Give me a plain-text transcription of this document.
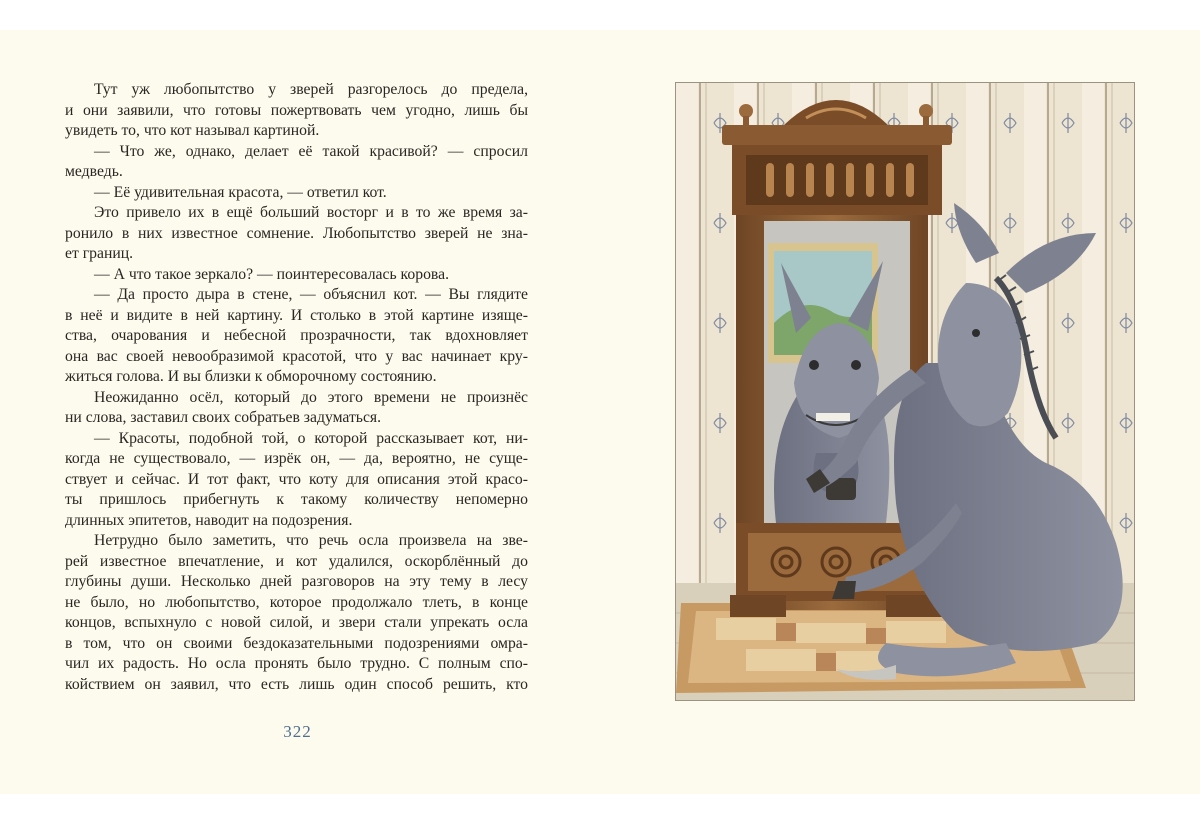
Тут уж любопытство у зверей разгорелось до предела,
и они заявили, что готовы пожертвовать чем угодно, лишь бы
увидеть то, что кот называл картиной.
— Что же, однако, делает её такой красивой? — спросил
медведь.
— Её удивительная красота, — ответил кот.
Это привело их в ещё больший восторг и в то же время за-
ронило в них известное сомнение. Любопытство зверей не зна-
ет границ.
— А что такое зеркало? — поинтересовалась корова.
— Да просто дыра в стене, — объяснил кот. — Вы глядите
в неё и видите в ней картину. И столько в этой картине изяще-
ства, очарования и небесной прозрачности, так вдохновляет
она вас своей невообразимой красотой, что у вас начинает кру-
житься голова. И вы близки к обморочному состоянию.
Неожиданно осёл, который до этого времени не произнёс
ни слова, заставил своих собратьев задуматься.
— Красоты, подобной той, о которой рассказывает кот, ни-
когда не существовало, — изрёк он, — да, вероятно, не суще-
ствует и сейчас. И тот факт, что коту для описания этой красо-
ты пришлось прибегнуть к такому количеству непомерно
длинных эпитетов, наводит на подозрения.
Нетрудно было заметить, что речь осла произвела на зве-
рей известное впечатление, и кот удалился, оскорблённый до
глубины души. Несколько дней разговоров на эту тему в лесу
не было, но любопытство, которое продолжало тлеть, в конце
концов, вспыхнуло с новой силой, и звери стали упрекать осла
в том, что он своими бездоказательными подозрениями омра-
чил их радость. Но осла пронять было трудно. С полным спо-
койствием он заявил, что есть лишь один способ решить, кто
322
